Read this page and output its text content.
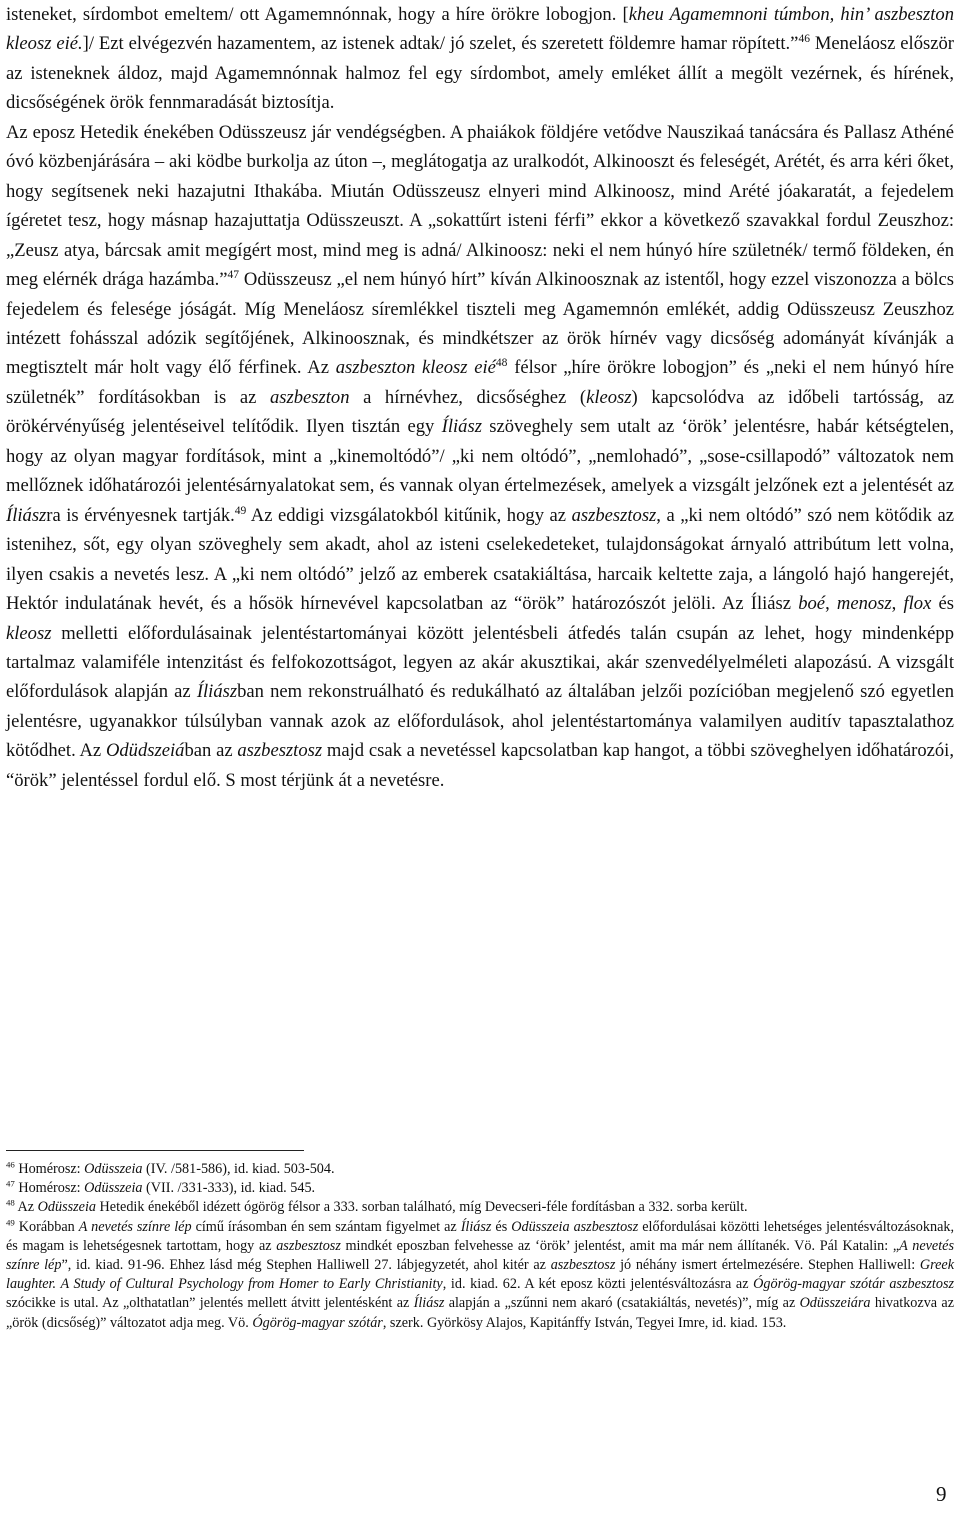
isteneket, sírdombot emeltem/ ott Agamemnónnak, hogy a híre örökre lobogjon. [kheu Agamemnoni túmbon, hin’ aszbeszton kleosz eié.]/ Ezt elvégezvén hazamentem, az istenek adtak/ jó szelet, és szeretett földemre hamar röpített.”$^{46}$ Meneláosz először az isteneknek áldoz, majd Agamemnónnak halmoz fel egy sírdombot, amely emléket állít a megölt vezérnek, és hírének, dicsőségének örök fennmaradását biztosítja.

Az eposz Hetedik énekében Odüsszeusz jár vendégségben. A phaiákok földjére vetődve Nauszikaá tanácsára és Pallasz Athéné óvó közbenjárására – aki ködbe burkolja az úton –, meglátogatja az uralkodót, Alkinooszt és feleségét, Arétét, és arra kéri őket, hogy segítsenek neki hazajutni Ithakába. Miután Odüsszeusz elnyeri mind Alkinoosz, mind Arété jóakaratát, a fejedelem ígéretet tesz, hogy másnap hazajuttatja Odüsszeuszt. A „sokattűrt isteni férfi” ekkor a következő szavakkal fordul Zeuszhoz: „Zeusz atya, bárcsak amit megígért most, mind meg is adná/ Alkinoosz: neki el nem húnyó híre születnék/ termő földeken, én meg elérnék drága hazámba.”$^{47}$ Odüsszeusz „el nem húnyó hírt” kíván Alkinoosznak az istentől, hogy ezzel viszonozza a bölcs fejedelem és felesége jóságát. Míg Meneláosz síremlékkel tiszteli meg Agamemnón emlékét, addig Odüsszeusz Zeuszhoz intézett fohásszal adózik segítőjének, Alkinoosznak, és mindkétszer az örök hírnév vagy dicsőség adományát kívánják a megtisztelt már holt vagy élő férfinek. Az aszbeszton kleosz eié$^{48}$ félsor „híre örökre lobogjon” és „neki el nem húnyó híre születnék” fordításokban is az aszbeszton a hírnévhez, dicsőséghez (kleosz) kapcsolódva az időbeli tartósság, az örökérvényűség jelentéseivel telítődik. Ilyen tisztán egy Íliász szöveghely sem utalt az ‘örök’ jelentésre, habár kétségtelen, hogy az olyan magyar fordítások, mint a „kinemoltódó”/ „ki nem oltódó”, „nemlohadó”, „sose-csillapodó” változatok nem mellőznek időhatározói jelentésárnyalatokat sem, és vannak olyan értelmezések, amelyek a vizsgált jelzőnek ezt a jelentését az Íliászra is érvényesnek tartják.$^{49}$ Az eddigi vizsgálatokból kitűnik, hogy az aszbesztosz, a „ki nem oltódó” szó nem kötődik az istenihez, sőt, egy olyan szöveghely sem akadt, ahol az isteni cselekedeteket, tulajdonságokat árnyaló attribútum lett volna, ilyen csakis a nevetés lesz. A „ki nem oltódó” jelző az emberek csatakiáltása, harcaik keltette zaja, a lángoló hajó hangerejét, Hektór indulatának hevét, és a hősök hírnevével kapcsolatban az “örök” határozószót jelöli. Az Íliász boé, menosz, flox és kleosz melletti előfordulásainak jelentéstartományai között jelentésbeli átfedés talán csupán az lehet, hogy mindenképp tartalmaz valamiféle intenzitást és felfokozottságot, legyen az akár akusztikai, akár szenvedélyelméleti alapozású. A vizsgált előfordulások alapján az Íliászban nem rekonstruálható és redukálható az általában jelzői pozícióban megjelenő szó egyetlen jelentésre, ugyanakkor túlsúlyban vannak azok az előfordulások, ahol jelentéstartománya valamilyen auditív tapasztalathoz kötődhet. Az Odüdszeiában az aszbesztosz majd csak a nevetéssel kapcsolatban kap hangot, a többi szöveghelyen időhatározói, “örök” jelentéssel fordul elő. S most térjünk át a nevetésre.

$^{46}$ Homérosz: Odüsszeia (IV. /581-586), id. kiad. 503-504.

$^{47}$ Homérosz: Odüsszeia (VII. /331-333), id. kiad. 545.

$^{48}$ Az Odüsszeia Hetedik énekéből idézett ógörög félsor a 333. sorban található, míg Devecseri-féle fordításban a 332. sorba került.

$^{49}$ Korábban A nevetés színre lép című írásomban én sem szántam figyelmet az Íliász és Odüsszeia aszbesztosz előfordulásai közötti lehetséges jelentésváltozásoknak, és magam is lehetségesnek tartottam, hogy az aszbesztosz mindkét eposzban felvehesse az ‘örök’ jelentést, amit ma már nem állítanék. Vö. Pál Katalin: „A nevetés színre lép”, id. kiad. 91-96. Ehhez lásd még Stephen Halliwell 27. lábjegyzetét, ahol kitér az aszbesztosz jó néhány ismert értelmezésére. Stephen Halliwell: Greek laughter. A Study of Cultural Psychology from Homer to Early Christianity, id. kiad. 62. A két eposz közti jelentésváltozásra az Ógörög-magyar szótár aszbesztosz szócikke is utal. Az „olthatatlan” jelentés mellett átvitt jelentésként az Íliász alapján a „szűnni nem akaró (csatakiáltás, nevetés)”, míg az Odüsszeiára hivatkozva az „örök (dicsőség)” változatot adja meg. Vö. Ógörög-magyar szótár, szerk. Györkösy Alajos, Kapitánffy István, Tegyei Imre, id. kiad. 153.

9
